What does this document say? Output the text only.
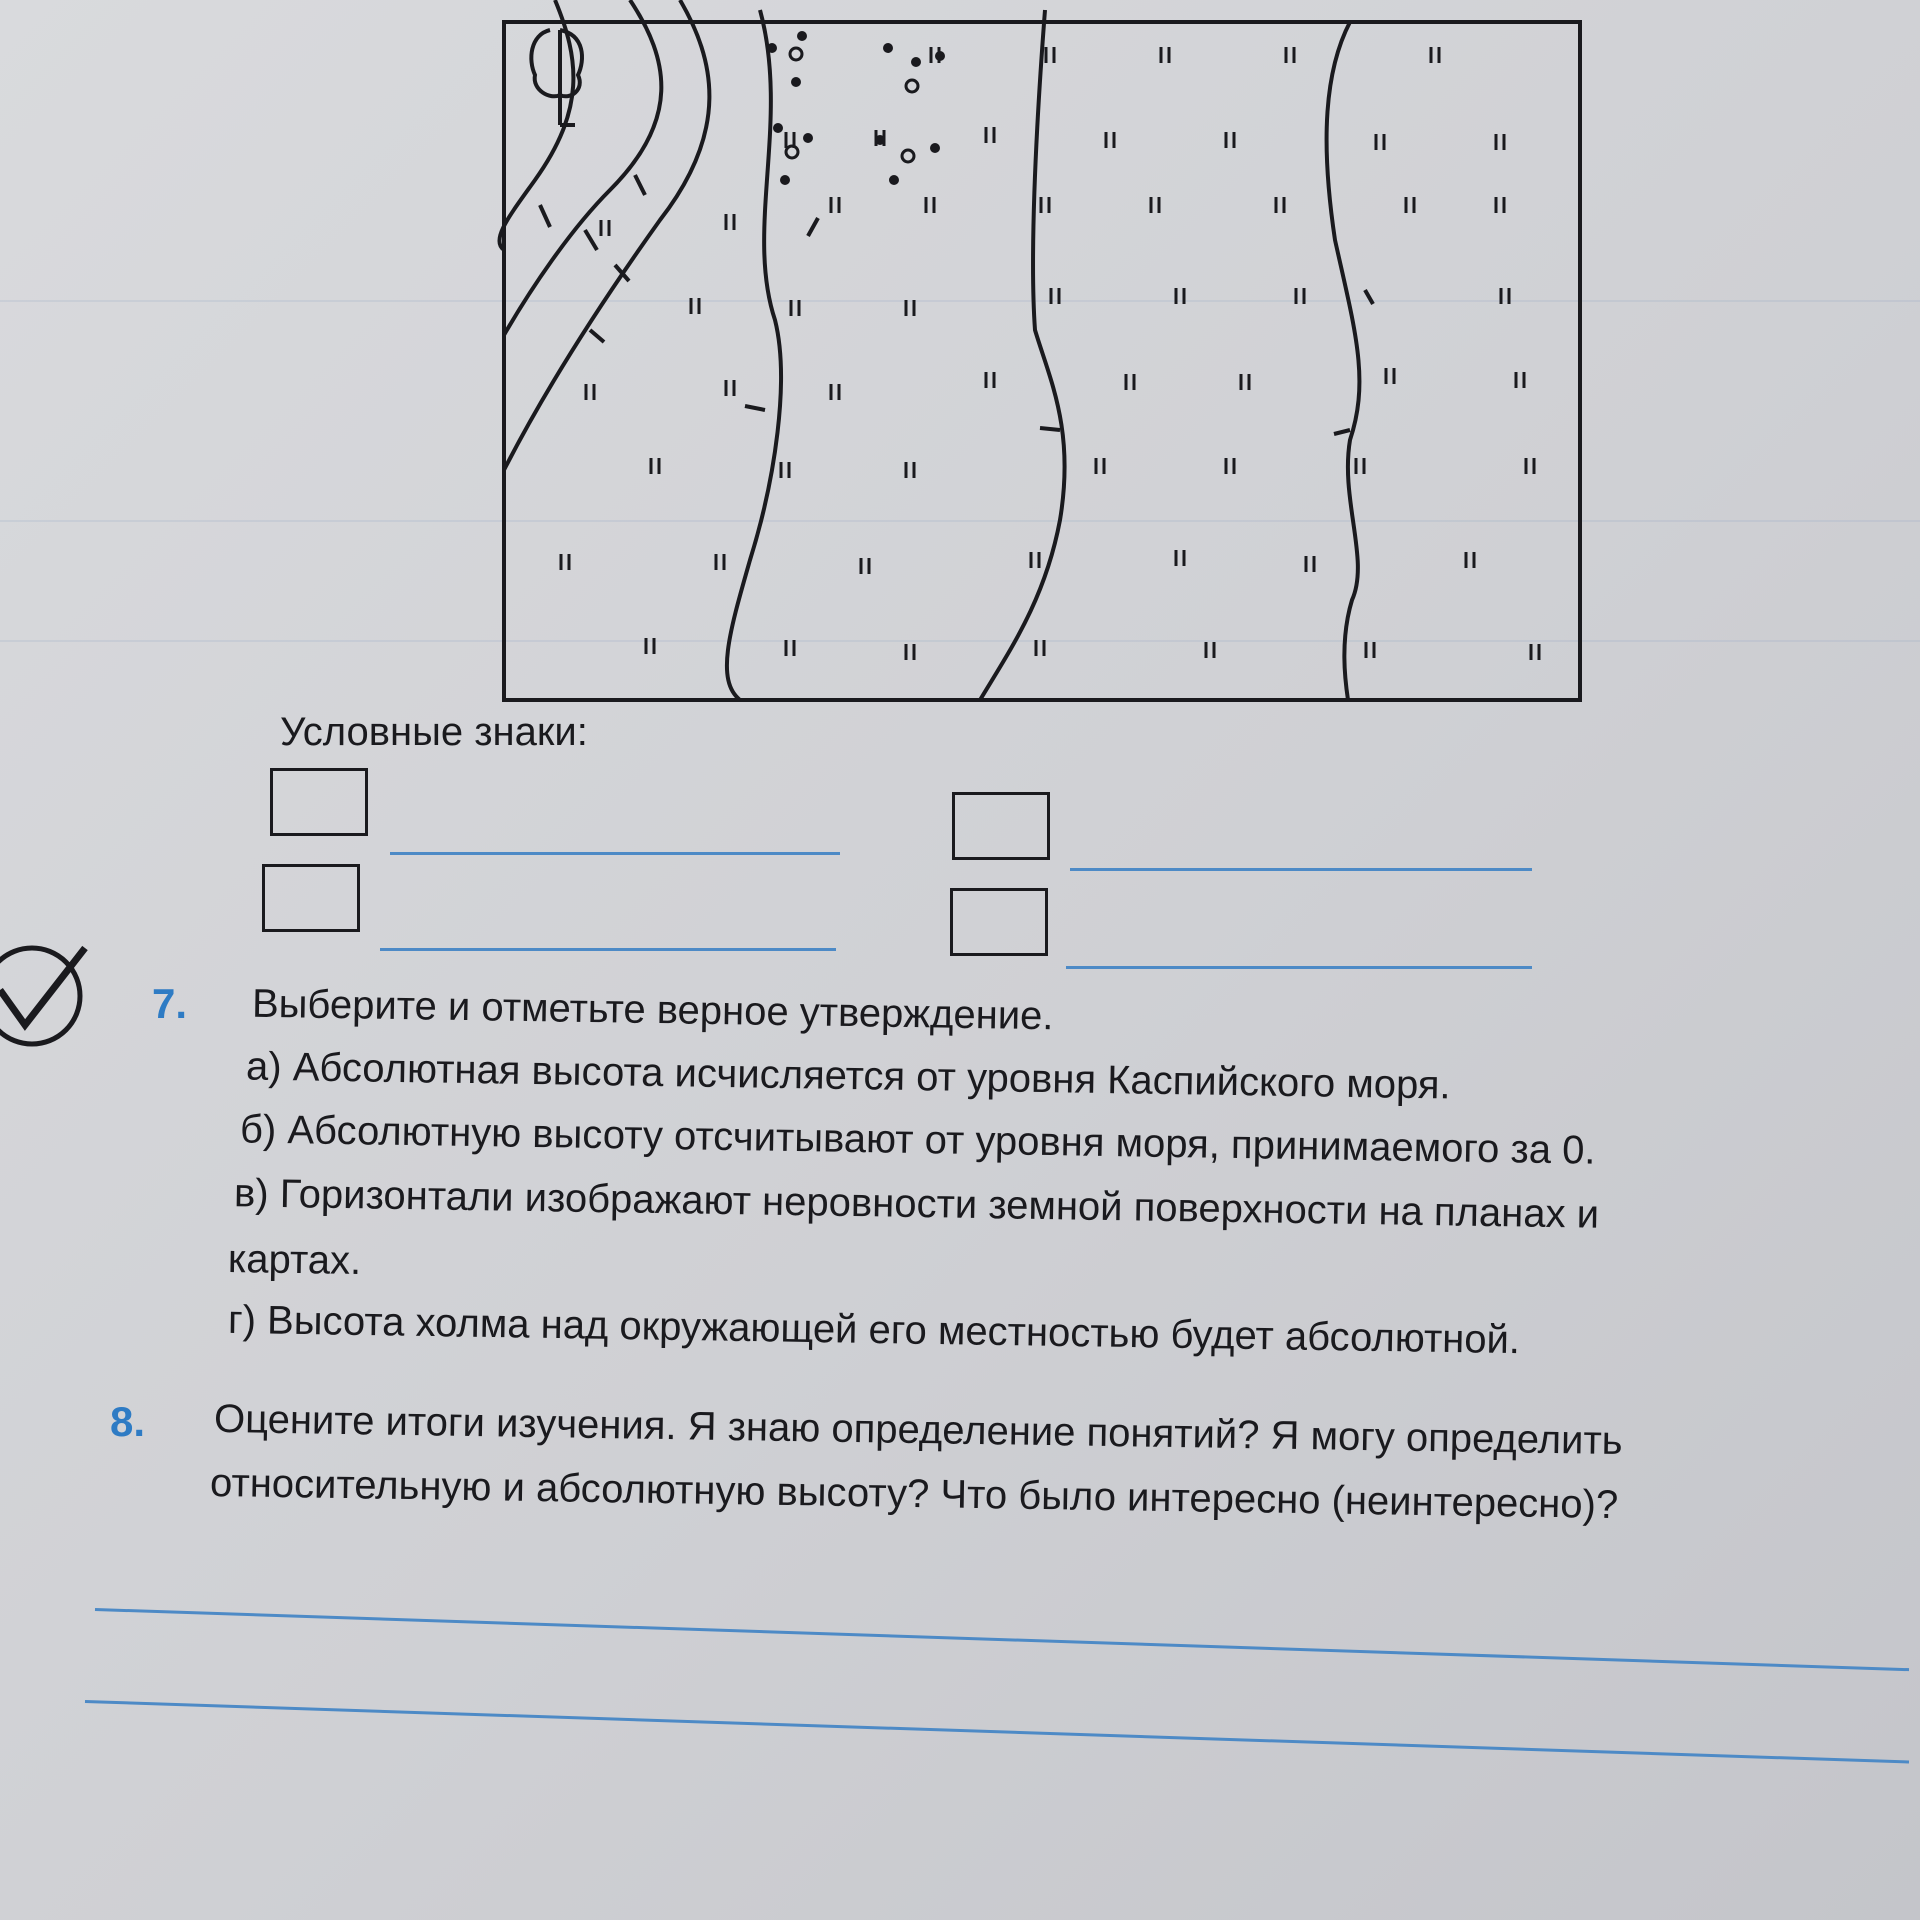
Условные знаки:
7. Выберите и отметьте верное утверждение.
а) Абсолютная высота исчисляется от уровня Каспийского моря.
б) Абсолютную высоту отсчитывают от уровня моря, принимаемого за 0.
в) Горизонтали изображают неровности земной поверхности на планах и
картах.
г) Высота холма над окружающей его местностью будет абсолютной.
8. Оцените итоги изучения. Я знаю определение понятий? Я могу определить
относительную и абсолютную высоту? Что было интересно (неинтересно)?
